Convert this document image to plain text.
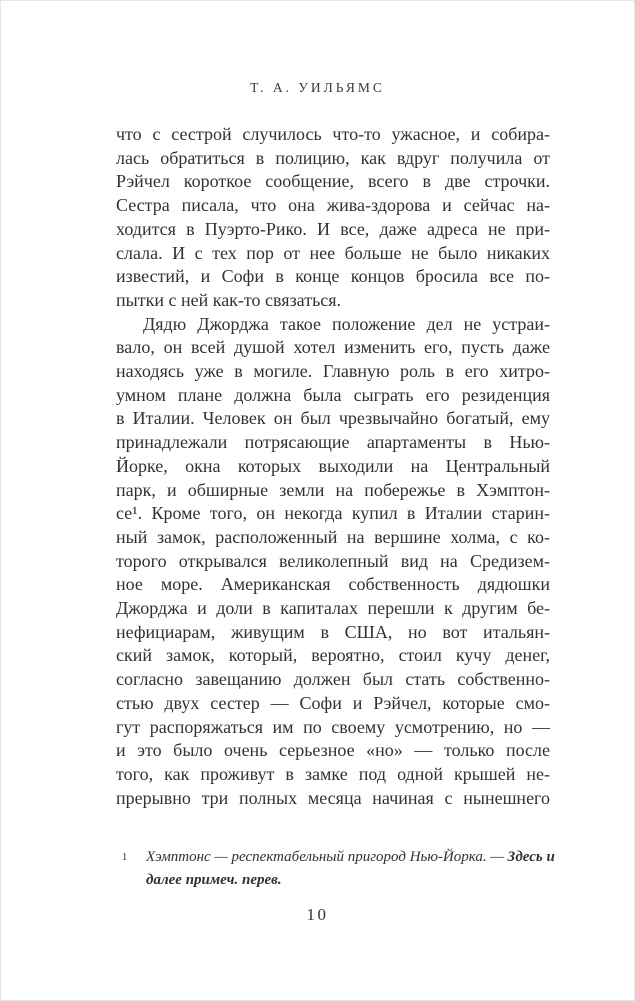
Т. А. УИЛЬЯМС
что с сестрой случилось что-то ужасное, и собира-
лась обратиться в полицию, как вдруг получила от
Рэйчел короткое сообщение, всего в две строчки.
Сестра писала, что она жива-здорова и сейчас на-
ходится в Пуэрто-Рико. И все, даже адреса не при-
слала. И с тех пор от нее больше не было никаких
известий, и Софи в конце концов бросила все по-
пытки с ней как-то связаться.
Дядю Джорджа такое положение дел не устраи-
вало, он всей душой хотел изменить его, пусть даже
находясь уже в могиле. Главную роль в его хитро-
умном плане должна была сыграть его резиденция
в Италии. Человек он был чрезвычайно богатый, ему
принадлежали потрясающие апартаменты в Нью-
Йорке, окна которых выходили на Центральный
парк, и обширные земли на побережье в Хэмптон-
се¹. Кроме того, он некогда купил в Италии старин-
ный замок, расположенный на вершине холма, с ко-
торого открывался великолепный вид на Средизем-
ное море. Американская собственность дядюшки
Джорджа и доли в капиталах перешли к другим бе-
нефициарам, живущим в США, но вот итальян-
ский замок, который, вероятно, стоил кучу денег,
согласно завещанию должен был стать собственно-
стью двух сестер — Софи и Рэйчел, которые смо-
гут распоряжаться им по своему усмотрению, но —
и это было очень серьезное «но» — только после
того, как проживут в замке под одной крышей не-
прерывно три полных месяца начиная с нынешнего
1 Хэмптонс — респектабельный пригород Нью-Йорка. — Здесь и далее примеч. перев.
10
